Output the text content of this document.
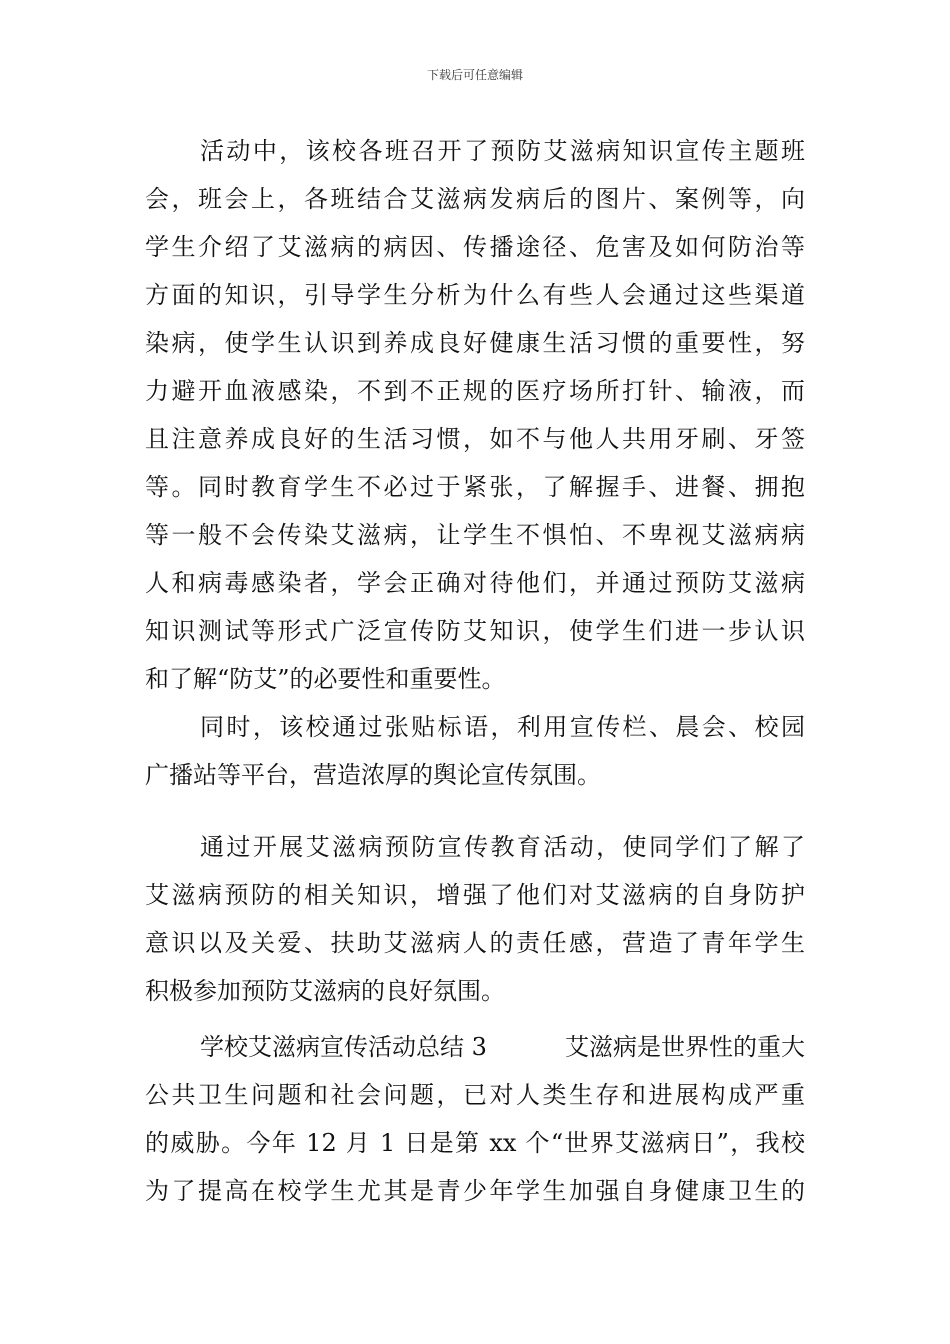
下载后可任意编辑
活动中，该校各班召开了预防艾滋病知识宣传主题班
会，班会上，各班结合艾滋病发病后的图片、案例等，向
学生介绍了艾滋病的病因、传播途径、危害及如何防治等
方面的知识，引导学生分析为什么有些人会通过这些渠道
染病，使学生认识到养成良好健康生活习惯的重要性，努
力避开血液感染，不到不正规的医疗场所打针、输液，而
且注意养成良好的生活习惯，如不与他人共用牙刷、牙签
等。同时教育学生不必过于紧张，了解握手、进餐、拥抱
等一般不会传染艾滋病，让学生不惧怕、不卑视艾滋病病
人和病毒感染者，学会正确对待他们，并通过预防艾滋病
知识测试等形式广泛宣传防艾知识，使学生们进一步认识
和了解“防艾”的必要性和重要性。
同时，该校通过张贴标语，利用宣传栏、晨会、校园
广播站等平台，营造浓厚的舆论宣传氛围。
通过开展艾滋病预防宣传教育活动，使同学们了解了
艾滋病预防的相关知识，增强了他们对艾滋病的自身防护
意识以及关爱、扶助艾滋病人的责任感，营造了青年学生
积极参加预防艾滋病的良好氛围。
学校艾滋病宣传活动总结 3	艾滋病是世界性的重大
公共卫生问题和社会问题，已对人类生存和进展构成严重
的威胁。今年 12 月 1 日是第 xx 个“世界艾滋病日”，我校
为了提高在校学生尤其是青少年学生加强自身健康卫生的
